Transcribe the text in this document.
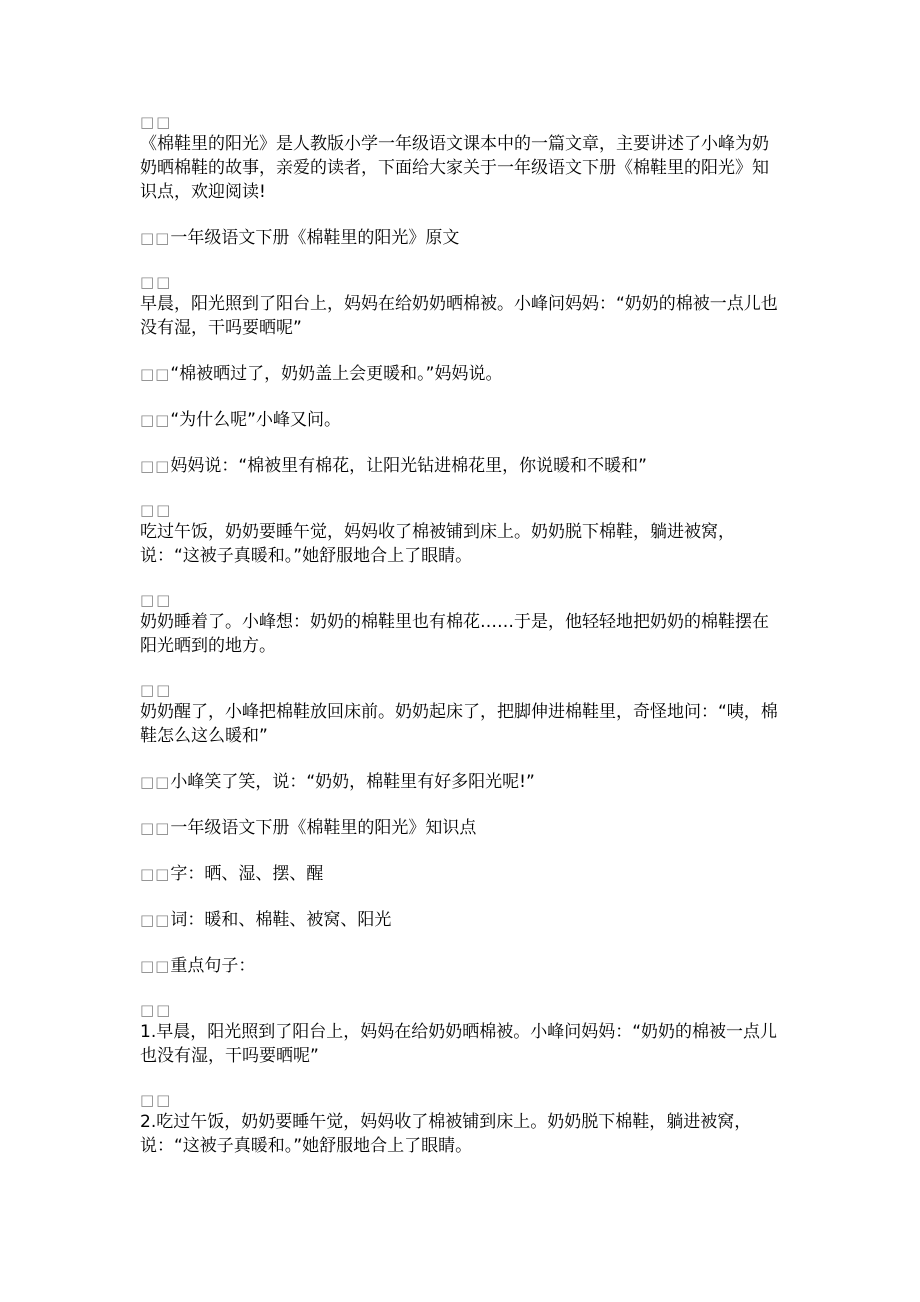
□□
《棉鞋里的阳光》是人教版小学一年级语文课本中的一篇文章，主要讲述了小峰为奶奶晒棉鞋的故事，亲爱的读者，下面给大家关于一年级语文下册《棉鞋里的阳光》知识点，欢迎阅读!
□□一年级语文下册《棉鞋里的阳光》原文
□□
早晨，阳光照到了阳台上，妈妈在给奶奶晒棉被。小峰问妈妈：“奶奶的棉被一点儿也没有湿，干吗要晒呢”
□□“棉被晒过了，奶奶盖上会更暖和。”妈妈说。
□□“为什么呢”小峰又问。
□□妈妈说：“棉被里有棉花，让阳光钻进棉花里，你说暖和不暖和”
□□
吃过午饭，奶奶要睡午觉，妈妈收了棉被铺到床上。奶奶脱下棉鞋，躺进被窝，说：“这被子真暖和。”她舒服地合上了眼睛。
□□
奶奶睡着了。小峰想：奶奶的棉鞋里也有棉花……于是，他轻轻地把奶奶的棉鞋摆在阳光晒到的地方。
□□
奶奶醒了，小峰把棉鞋放回床前。奶奶起床了，把脚伸进棉鞋里，奇怪地问：“咦，棉鞋怎么这么暖和”
□□小峰笑了笑，说：“奶奶，棉鞋里有好多阳光呢!”
□□一年级语文下册《棉鞋里的阳光》知识点
□□字：晒、湿、摆、醒
□□词：暖和、棉鞋、被窝、阳光
□□重点句子：
□□
1.早晨，阳光照到了阳台上，妈妈在给奶奶晒棉被。小峰问妈妈：“奶奶的棉被一点儿也没有湿，干吗要晒呢”
□□
2.吃过午饭，奶奶要睡午觉，妈妈收了棉被铺到床上。奶奶脱下棉鞋，躺进被窝，说：“这被子真暖和。”她舒服地合上了眼睛。
